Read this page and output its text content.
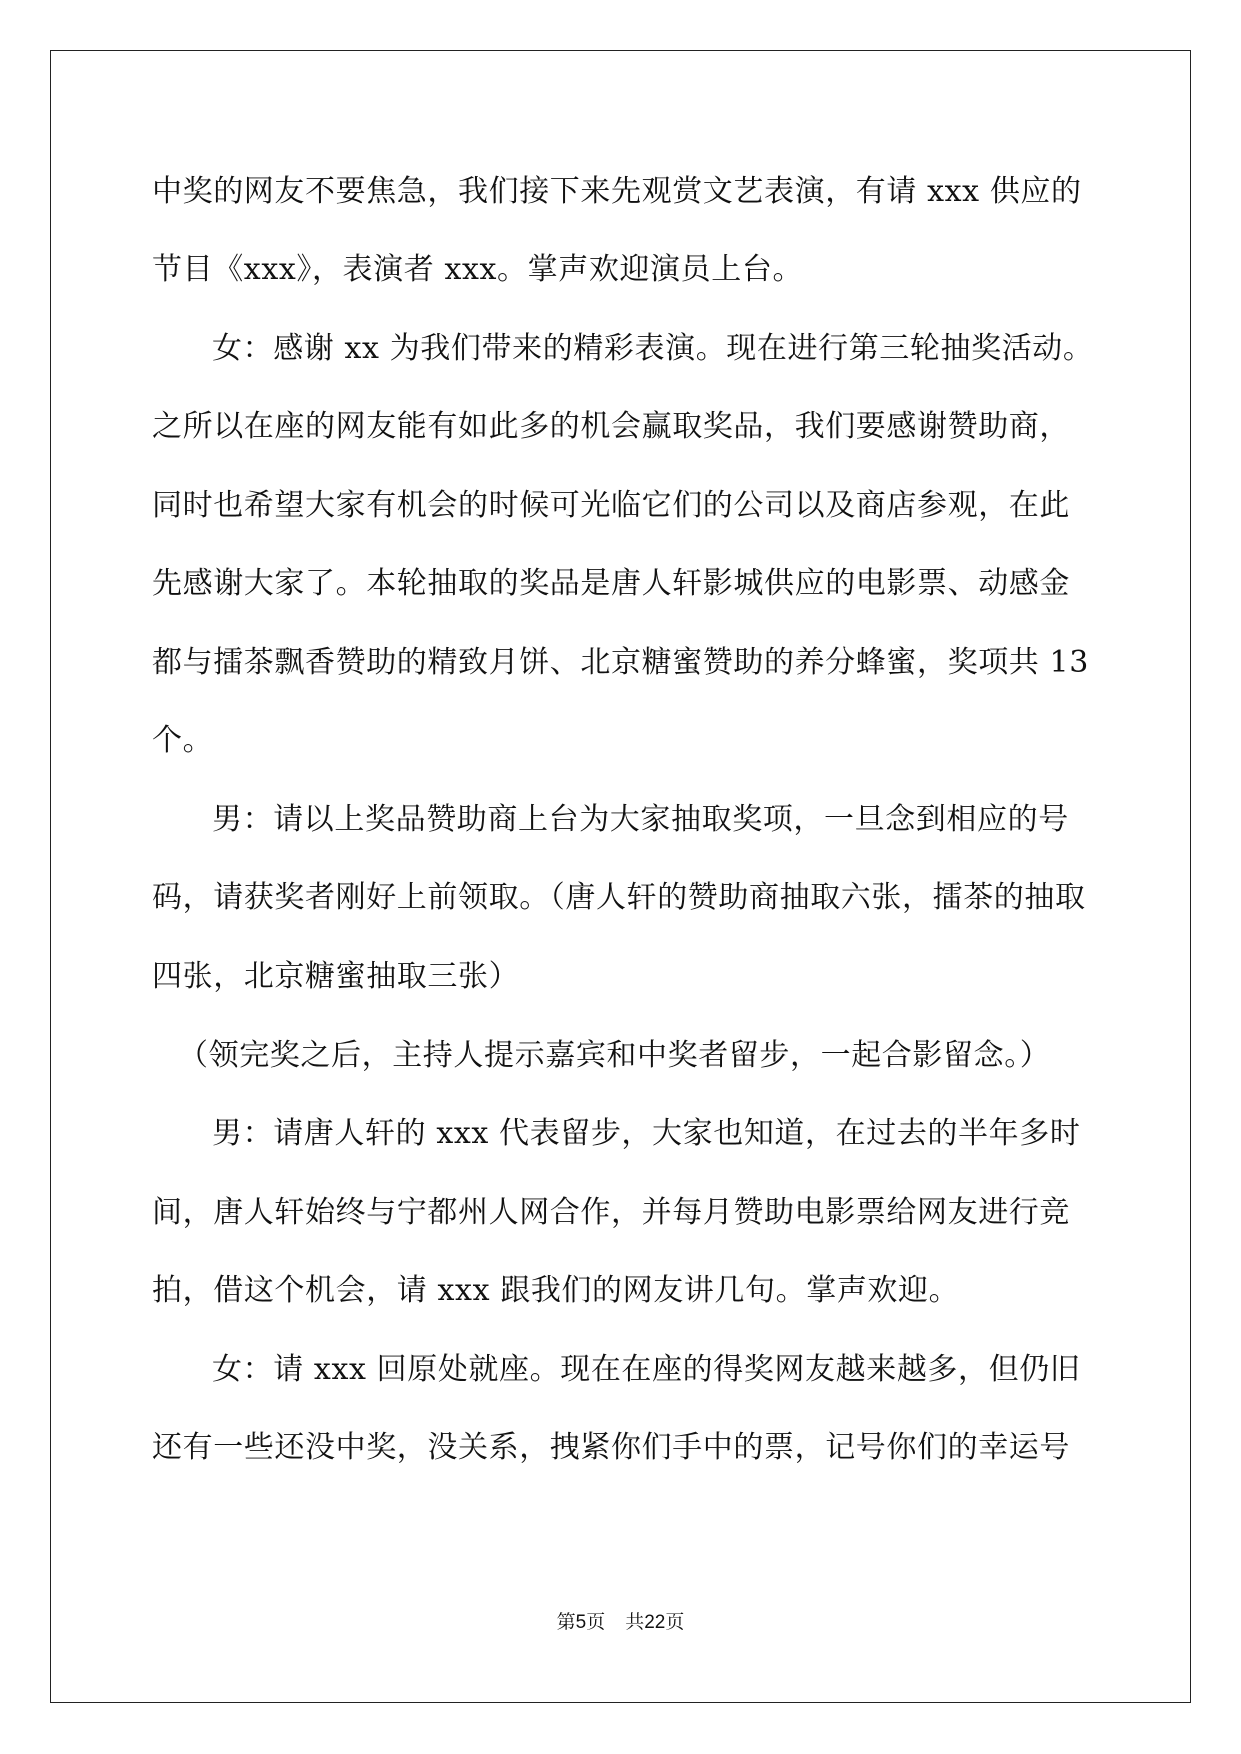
中奖的网友不要焦急，我们接下来先观赏文艺表演，有请 xxx 供应的
节目《xxx》，表演者 xxx。掌声欢迎演员上台。
女：感谢 xx 为我们带来的精彩表演。现在进行第三轮抽奖活动。
之所以在座的网友能有如此多的机会赢取奖品，我们要感谢赞助商，
同时也希望大家有机会的时候可光临它们的公司以及商店参观，在此
先感谢大家了。本轮抽取的奖品是唐人轩影城供应的电影票、动感金
都与擂茶飘香赞助的精致月饼、北京糖蜜赞助的养分蜂蜜，奖项共 13
个。
男：请以上奖品赞助商上台为大家抽取奖项，一旦念到相应的号
码，请获奖者刚好上前领取。（唐人轩的赞助商抽取六张，擂茶的抽取
四张，北京糖蜜抽取三张）
（领完奖之后，主持人提示嘉宾和中奖者留步，一起合影留念。）
男：请唐人轩的 xxx 代表留步，大家也知道，在过去的半年多时
间，唐人轩始终与宁都州人网合作，并每月赞助电影票给网友进行竞
拍，借这个机会，请 xxx 跟我们的网友讲几句。掌声欢迎。
女：请 xxx 回原处就座。现在在座的得奖网友越来越多，但仍旧
还有一些还没中奖，没关系，拽紧你们手中的票，记号你们的幸运号
第5页 共22页
